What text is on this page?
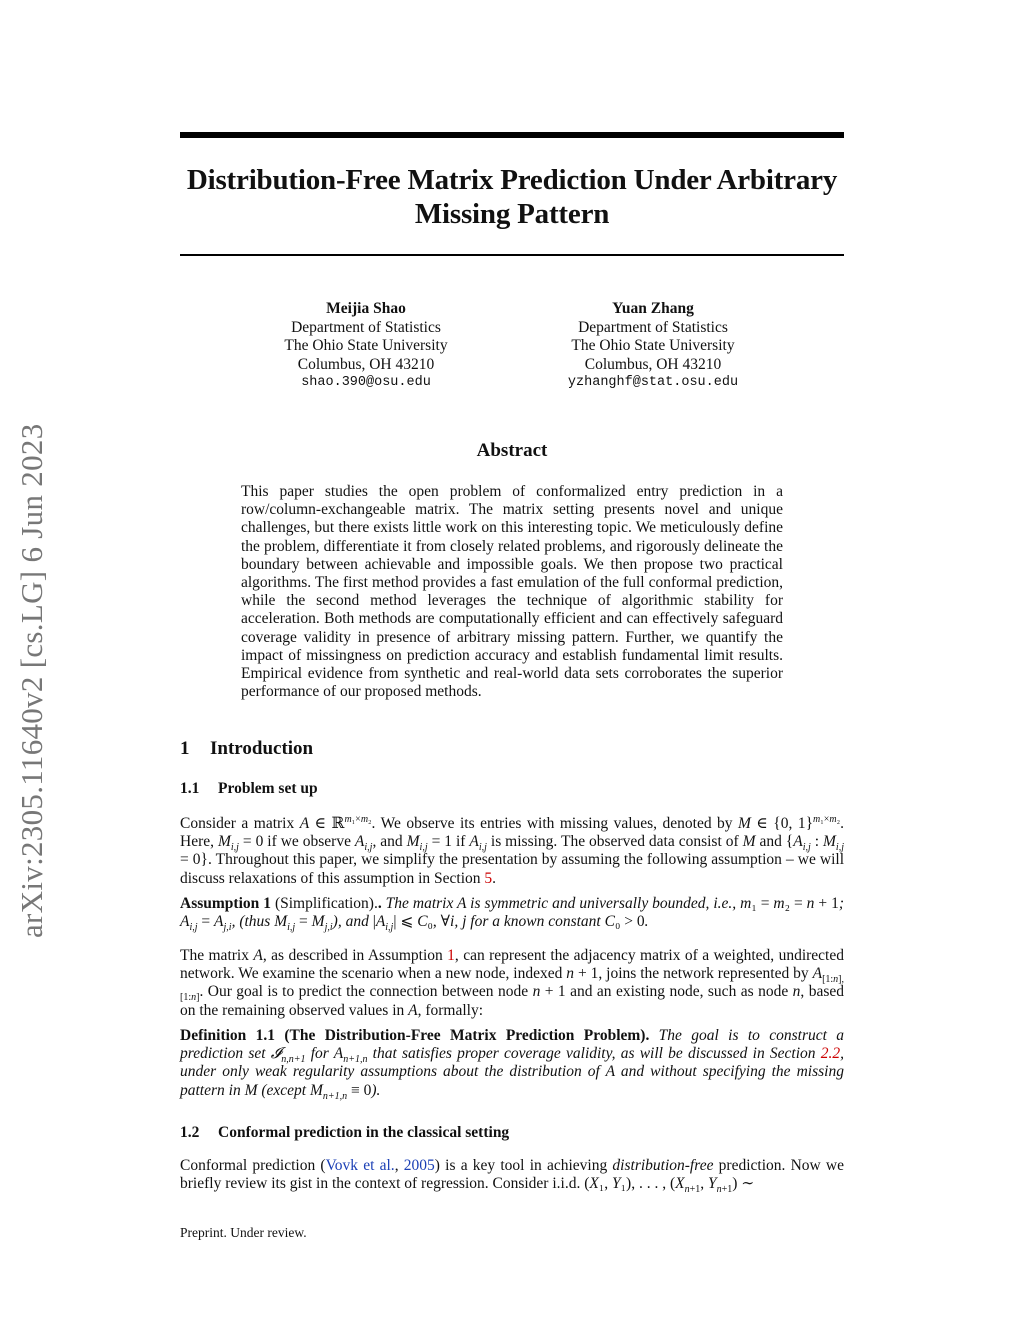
Distribution-Free Matrix Prediction Under Arbitrary
Missing Pattern
arXiv:2305.11640v2 [cs.LG] 6 Jun 2023
Meijia Shao
Department of Statistics
The Ohio State University
Columbus, OH 43210
shao.390@osu.edu
Yuan Zhang
Department of Statistics
The Ohio State University
Columbus, OH 43210
yzhanghf@stat.osu.edu
Abstract
This paper studies the open problem of conformalized entry prediction in a row/column-exchangeable matrix. The matrix setting presents novel and unique challenges, but there exists little work on this interesting topic. We meticulously define the problem, differentiate it from closely related problems, and rigorously delineate the boundary between achievable and impossible goals. We then propose two practical algorithms. The first method provides a fast emulation of the full conformal prediction, while the second method leverages the technique of algorithmic stability for acceleration. Both methods are computationally efficient and can effectively safeguard coverage validity in presence of arbitrary missing pattern. Further, we quantify the impact of missingness on prediction accuracy and establish fundamental limit results. Empirical evidence from synthetic and real-world data sets corroborates the superior performance of our proposed methods.
1 Introduction
1.1 Problem set up
Consider a matrix A ∈ ℝ$^{m_1\times m_2}$. We observe its entries with missing values, denoted by M ∈ {0, 1}$^{m_1\times m_2}$. Here, $M_{i,j} = 0$ if we observe $A_{i,j}$, and $M_{i,j} = 1$ if $A_{i,j}$ is missing. The observed data consist of M and {$A_{i,j}$ : $M_{i,j} = 0$}. Throughout this paper, we simplify the presentation by assuming the following assumption – we will discuss relaxations of this assumption in Section 5.
Assumption 1 (Simplification).. The matrix A is symmetric and universally bounded, i.e., m₁ = m₂ = n + 1; $A_{i,j} = A_{j,i}$, (thus $M_{i,j} = M_{j,i}$), and $|A_{i,j}|$ ⩽ C₀, ∀i, j for a known constant C₀ > 0.
The matrix A, as described in Assumption 1, can represent the adjacency matrix of a weighted, undirected network. We examine the scenario when a new node, indexed n + 1, joins the network represented by $A_{[1:n],[1:n]}$. Our goal is to predict the connection between node n + 1 and an existing node, such as node n, based on the remaining observed values in A, formally:
Definition 1.1 (The Distribution-Free Matrix Prediction Problem). The goal is to construct a prediction set 𝓘$_{n,n+1}$ for $A_{n+1,n}$ that satisfies proper coverage validity, as will be discussed in Section 2.2, under only weak regularity assumptions about the distribution of A and without specifying the missing pattern in M (except $M_{n+1,n} \equiv 0$).
1.2 Conformal prediction in the classical setting
Conformal prediction (Vovk et al., 2005) is a key tool in achieving distribution-free prediction. Now we briefly review its gist in the context of regression. Consider i.i.d. (X₁, Y₁), . . . , ($X_{n+1}$, $Y_{n+1}$) ∼
Preprint. Under review.
